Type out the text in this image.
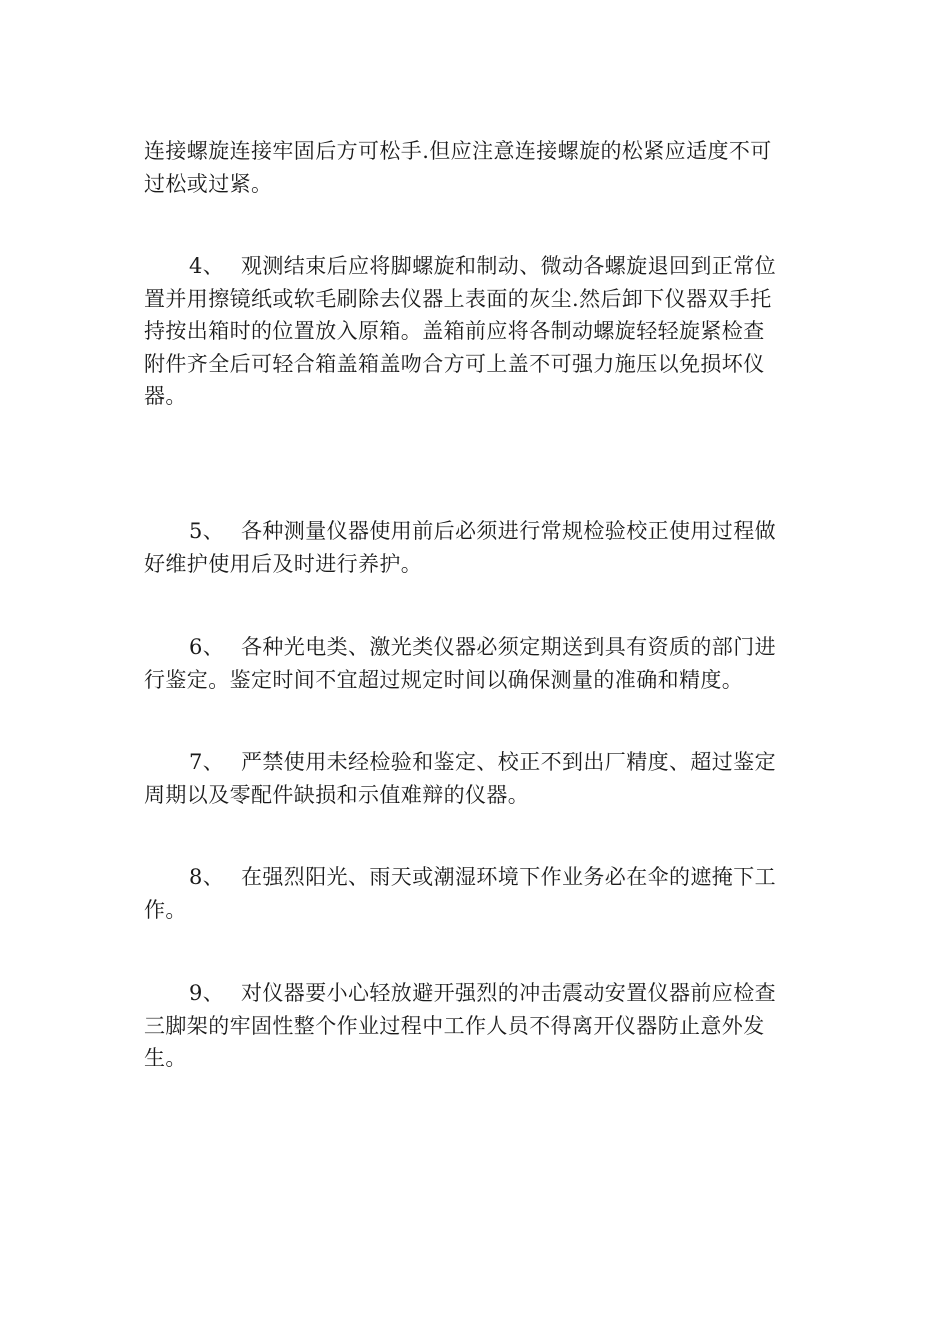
连接螺旋连接牢固后方可松手.但应注意连接螺旋的松紧应适度不可
过松或过紧。
4、 观测结束后应将脚螺旋和制动、微动各螺旋退回到正常位
置并用擦镜纸或软毛刷除去仪器上表面的灰尘.然后卸下仪器双手托
持按出箱时的位置放入原箱。盖箱前应将各制动螺旋轻轻旋紧检查
附件齐全后可轻合箱盖箱盖吻合方可上盖不可强力施压以免损坏仪
器。
5、 各种测量仪器使用前后必须进行常规检验校正使用过程做
好维护使用后及时进行养护。
6、 各种光电类、激光类仪器必须定期送到具有资质的部门进
行鉴定。鉴定时间不宜超过规定时间以确保测量的准确和精度。
7、 严禁使用未经检验和鉴定、校正不到出厂精度、超过鉴定
周期以及零配件缺损和示值难辩的仪器。
8、 在强烈阳光、雨天或潮湿环境下作业务必在伞的遮掩下工
作。
9、 对仪器要小心轻放避开强烈的冲击震动安置仪器前应检查
三脚架的牢固性整个作业过程中工作人员不得离开仪器防止意外发
生。
